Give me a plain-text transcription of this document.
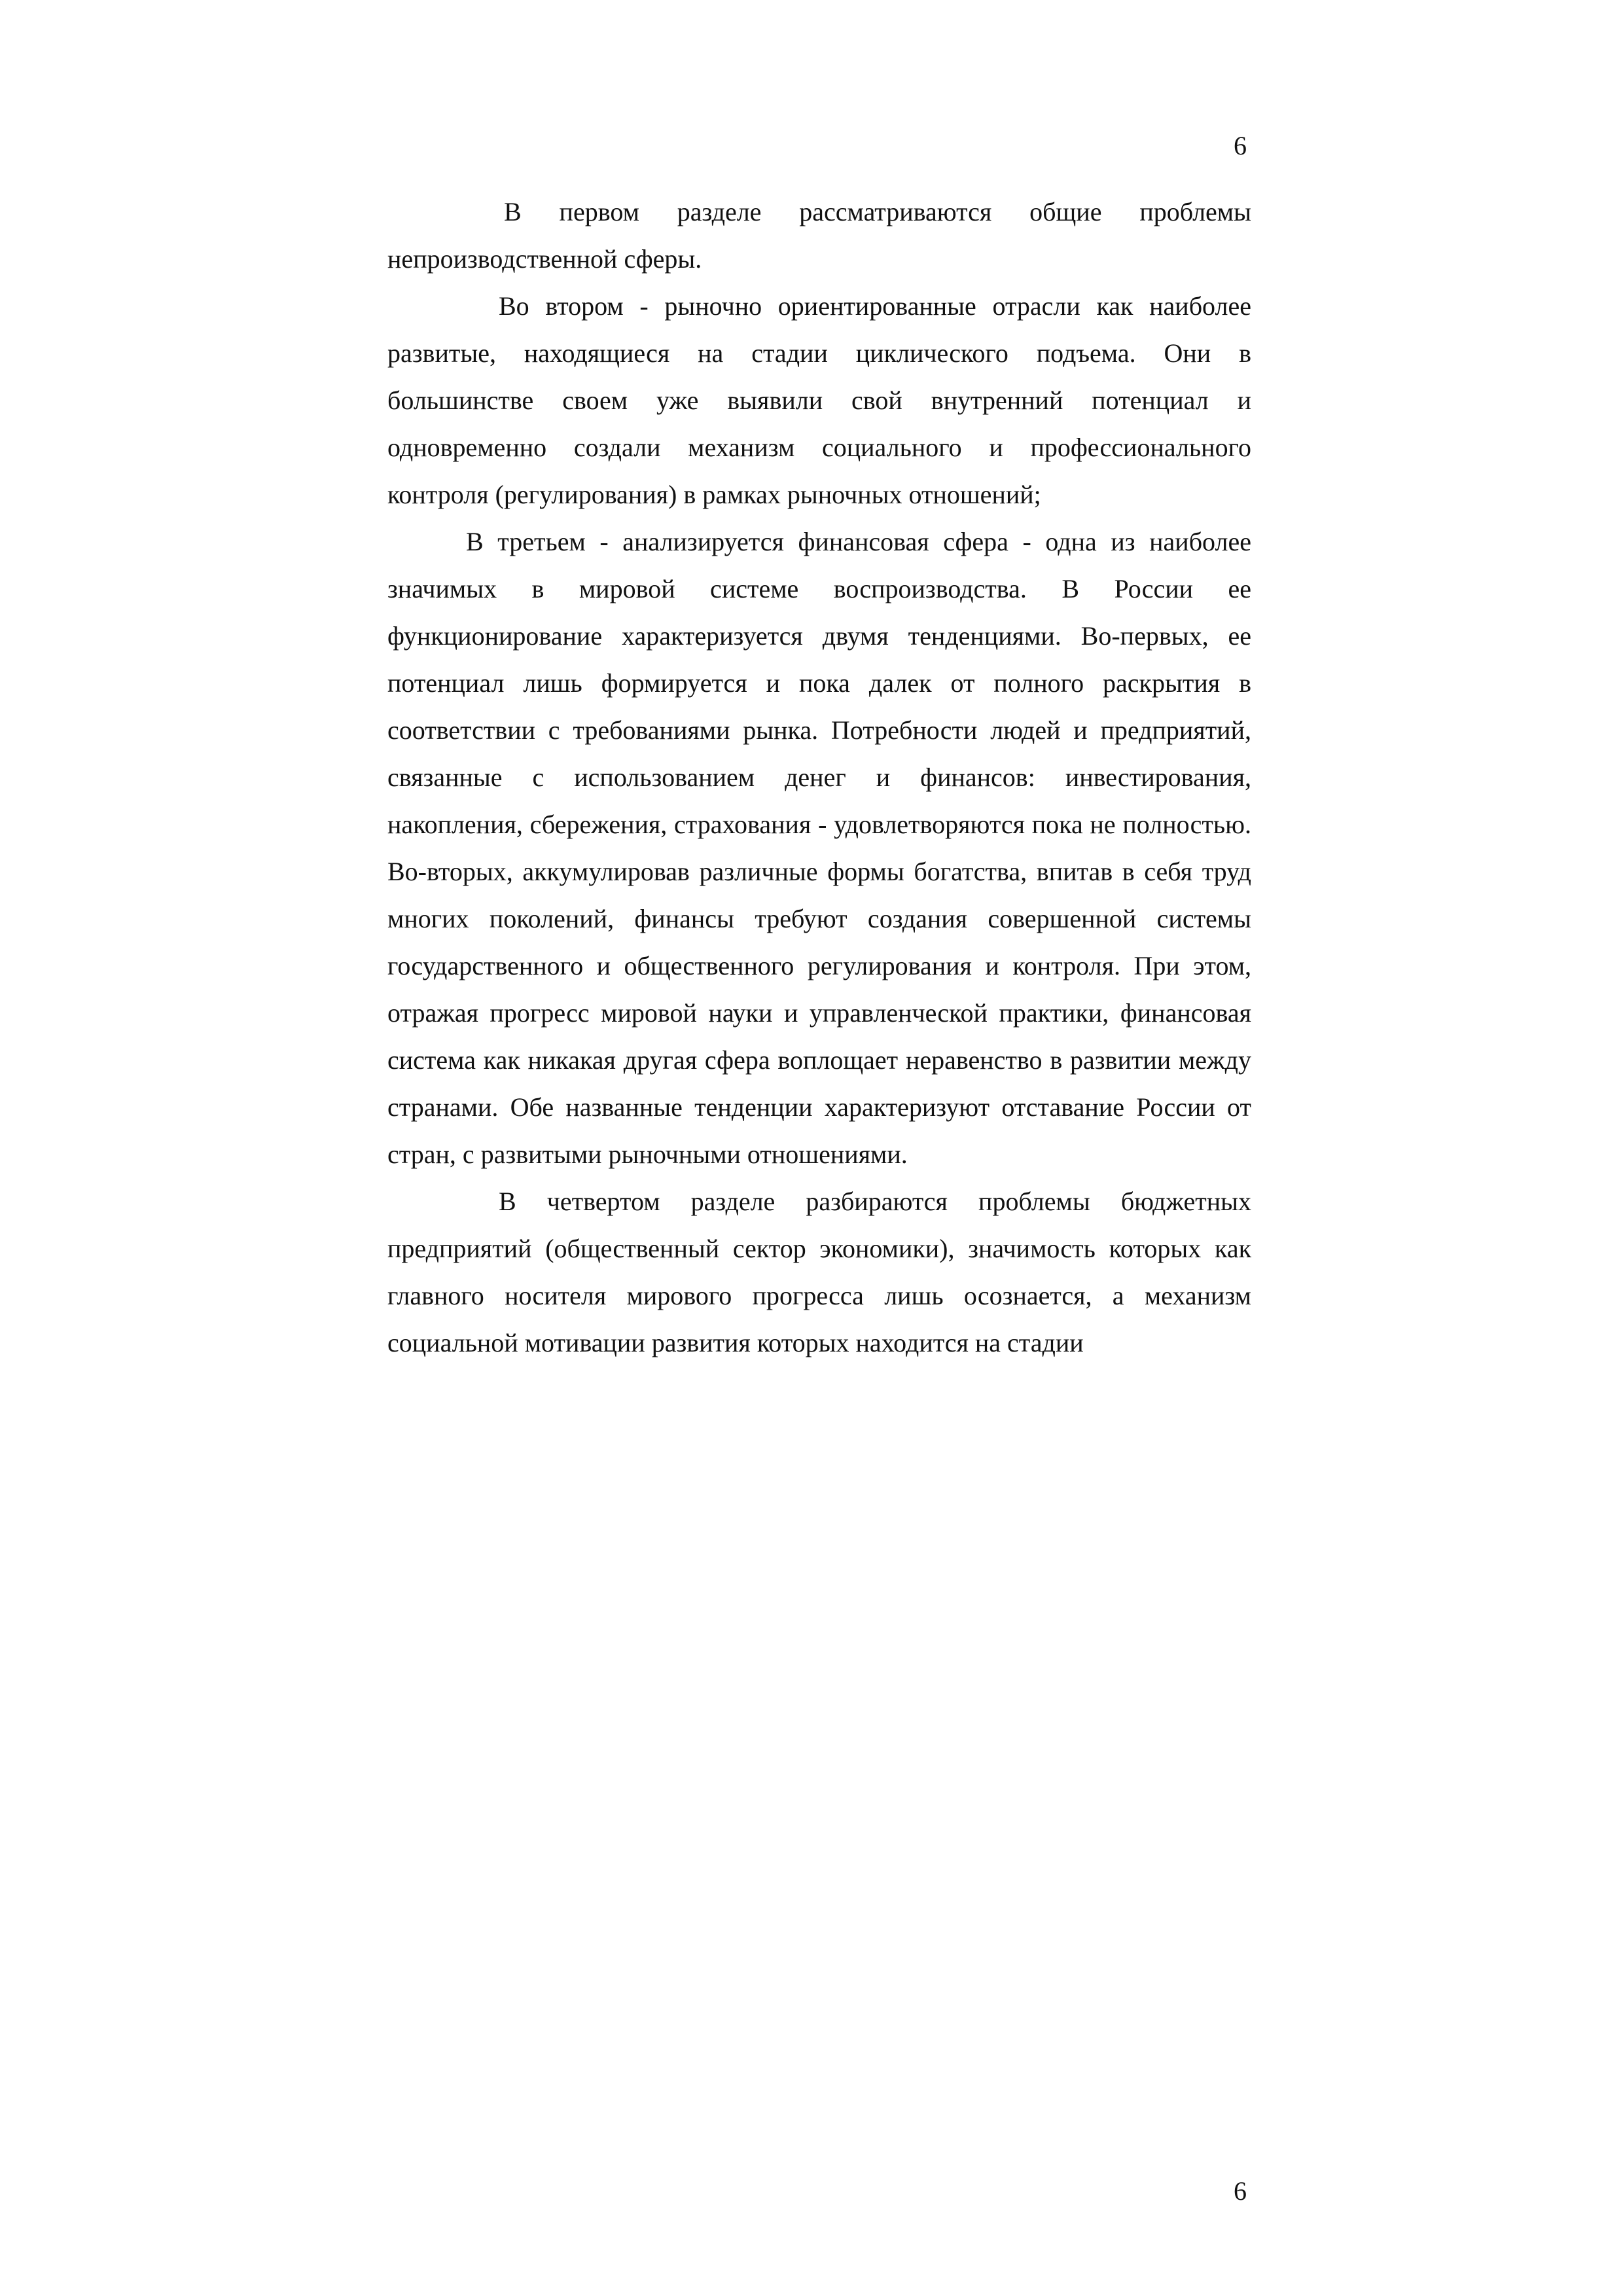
6

В первом разделе рассматриваются общие проблемы непроизводственной сферы.

Во втором - рыночно ориентированные отрасли как наиболее развитые, находящиеся на стадии циклического подъема. Они в большинстве своем уже выявили свой внутренний потенциал и одновременно создали механизм социального и профессионального контроля (регулирования) в рамках рыночных отношений;

В третьем - анализируется финансовая сфера - одна из наиболее значимых в мировой системе воспроизводства. В России ее функционирование характеризуется двумя тенденциями. Во-первых, ее потенциал лишь формируется и пока далек от полного раскрытия в соответствии с требованиями рынка. Потребности людей и предприятий, связанные с использованием денег и финансов: инвестирования, накопления, сбережения, страхования - удовлетворяются пока не полностью. Во-вторых, аккумулировав различные формы богатства, впитав в себя труд многих поколений, финансы требуют создания совершенной системы государственного и общественного регулирования и контроля. При этом, отражая прогресс мировой науки и управленческой практики, финансовая система как никакая другая сфера воплощает неравенство в развитии между странами. Обе названные тенденции характеризуют отставание России от стран, с развитыми рыночными отношениями.

В четвертом разделе разбираются проблемы бюджетных предприятий (общественный сектор экономики), значимость которых как главного носителя мирового прогресса лишь осознается, а механизм социальной мотивации развития которых находится на стадии

6
